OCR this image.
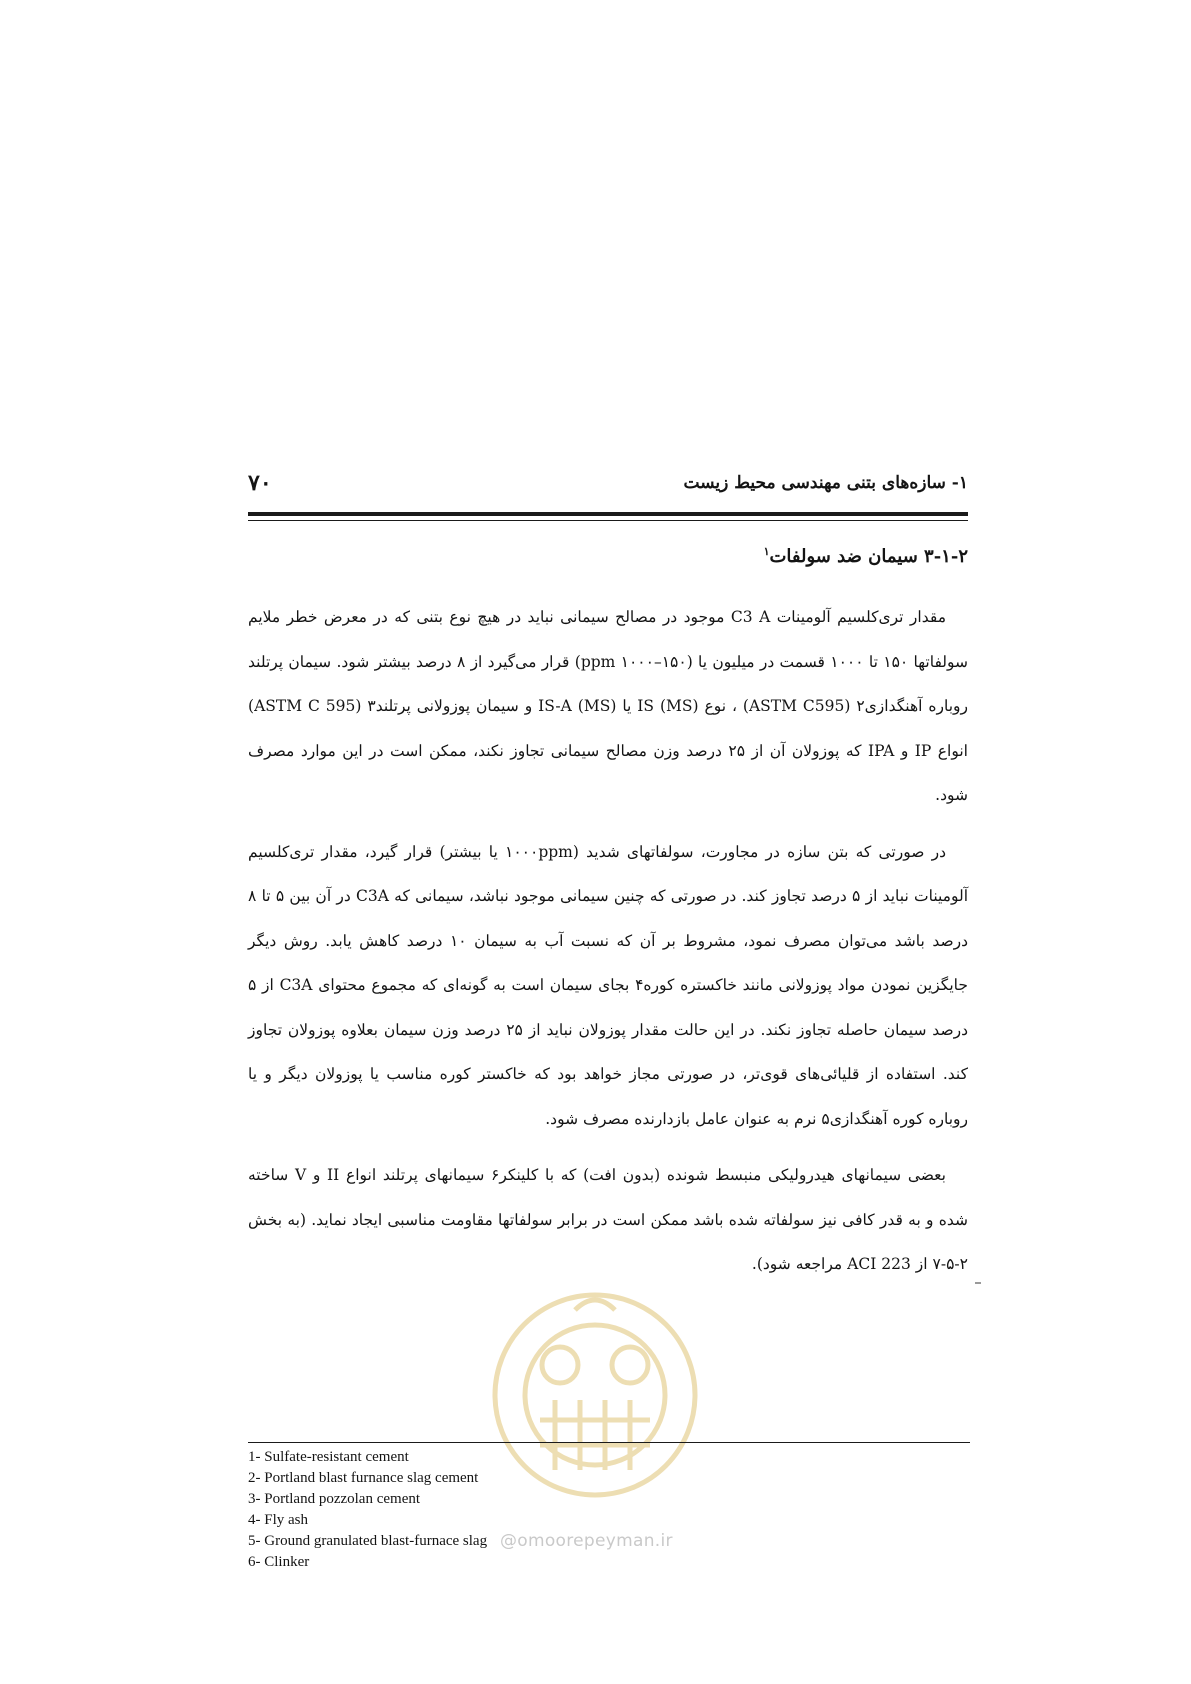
۷۰	۱- سازه‌های بتنی مهندسی محیط زیست
۳-۱-۲ سیمان ضد سولفات$^۱$

مقدار تری‌کلسیم آلومینات C3 A موجود در مصالح سیمانی نباید در هیچ نوع بتنی که در معرض خطر ملایم سولفاتها ۱۵۰ تا ۱۰۰۰ قسمت در میلیون یا (ppm ۱۰۰۰–۱۵۰) قرار می‌گیرد از ۸ درصد بیشتر شود. سیمان پرتلند روباره آهنگدازی۲ (ASTM C595) ، نوع IS (MS) یا IS-A (MS) و سیمان پوزولانی پرتلند۳ (ASTM C 595) انواع IP و IPA که پوزولان آن از ۲۵ درصد وزن مصالح سیمانی تجاوز نکند، ممکن است در این موارد مصرف شود.

در صورتی که بتن سازه در مجاورت، سولفاتهای شدید (۱۰۰۰ppm یا بیشتر) قرار گیرد، مقدار تری‌کلسیم آلومینات نباید از ۵ درصد تجاوز کند. در صورتی که چنین سیمانی موجود نباشد، سیمانی که C3A در آن بین ۵ تا ۸ درصد باشد می‌توان مصرف نمود، مشروط بر آن که نسبت آب به سیمان ۱۰ درصد کاهش یابد. روش دیگر جایگزین نمودن مواد پوزولانی مانند خاکستره کوره۴ بجای سیمان است به گونه‌ای که مجموع محتوای C3A از ۵ درصد سیمان حاصله تجاوز نکند. در این حالت مقدار پوزولان نباید از ۲۵ درصد وزن سیمان بعلاوه پوزولان تجاوز کند. استفاده از قلیائی‌های قوی‌تر، در صورتی مجاز خواهد بود که خاکستر کوره مناسب یا پوزولان دیگر و یا روباره کوره آهنگدازی۵ نرم به عنوان عامل بازدارنده مصرف شود.

بعضی سیمانهای هیدرولیکی منبسط شونده (بدون افت) که با کلینکر۶ سیمانهای پرتلند انواع II و V ساخته شده و به قدر کافی نیز سولفاته شده باشد ممکن است در برابر سولفاتها مقاومت مناسبی ایجاد نماید. (به بخش ۲-۵-۷ از ACI 223 مراجعه شود).

@omoorepeyman.ir
1- Sulfate-resistant cement
2- Portland blast furnance slag cement
3- Portland pozzolan cement
4- Fly ash
5- Ground granulated blast-furnace slag
6- Clinker
